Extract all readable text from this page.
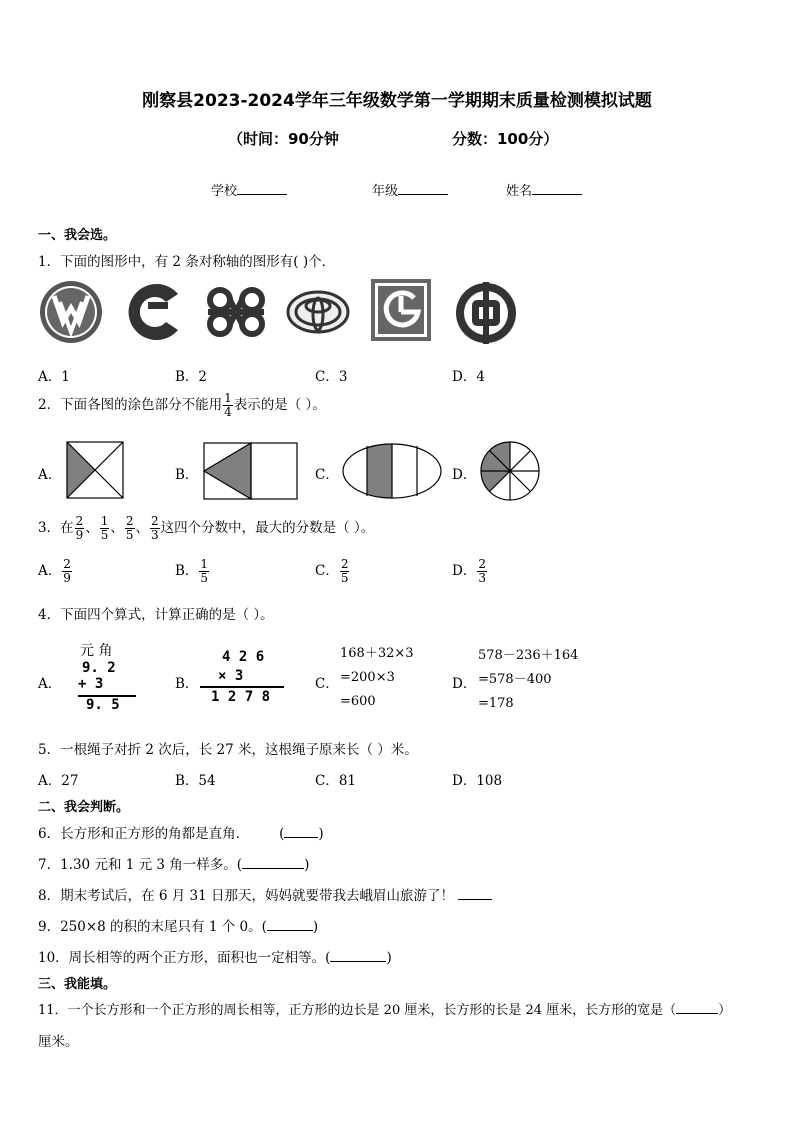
刚察县2023-2024学年三年级数学第一学期期末质量检测模拟试题
（时间：90分钟	分数：100分）
学校	年级	姓名
一、我会选。
1．下面的图形中，有 2 条对称轴的图形有( )个．
A．1	B．2	C．3	D．4
2．下面各图的涂色部分不能用 $\frac{1}{4}$ 表示的是（ ）。
A．	B．	C．	D．
3．在 $\frac{2}{9}$ 、 $\frac{1}{5}$ 、 $\frac{2}{5}$ 、 $\frac{2}{3}$ 这四个分数中，最大的分数是（ ）。
A． $\frac{2}{9}$	B． $\frac{1}{5}$	C． $\frac{2}{5}$	D． $\frac{2}{3}$
4．下面四个算式，计算正确的是（ ）。
A．
元 角
9. 2
+ 3
9. 5
B．
4 2 6
× 3
1 2 7 8
C．
168＋32×3
=200×3
=600
D．
578－236＋164
=578－400
=178
5．一根绳子对折 2 次后，长 27 米，这根绳子原来长（ ）米。
A．27	B．54	C．81	D．108
二、我会判断。
6．长方形和正方形的角都是直角． (	)
7．1.30 元和 1 元 3 角一样多。(	)
8．期末考试后，在 6 月 31 日那天，妈妈就要带我去峨眉山旅游了！
9．250×8 的积的末尾只有 1 个 0。(	)
10．周长相等的两个正方形，面积也一定相等。(	)
三、我能填。
11．一个长方形和一个正方形的周长相等，正方形的边长是 20 厘米，长方形的长是 24 厘米，长方形的宽是（	）
厘米。
